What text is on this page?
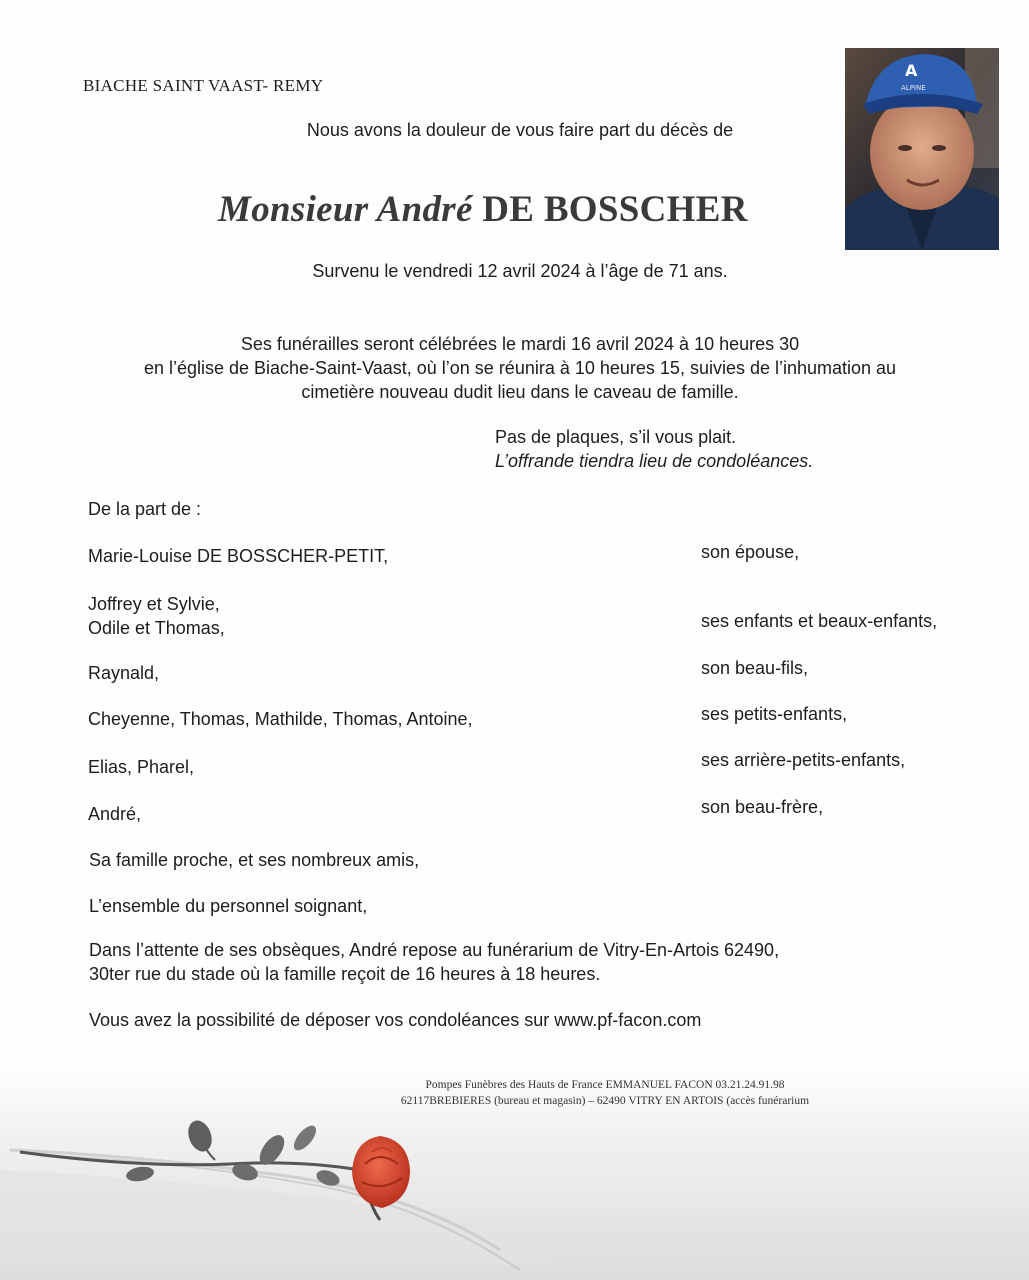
BIACHE SAINT VAAST- REMY

Nous avons la douleur de vous faire part du décès de

Monsieur André DE BOSSCHER

A
ALPINE

Survenu le vendredi 12 avril 2024 à l’âge de 71 ans.

Ses funérailles seront célébrées le mardi 16 avril 2024 à 10 heures 30
en l’église de Biache-Saint-Vaast, où l’on se réunira à 10 heures 15, suivies de l’inhumation au
cimetière nouveau dudit lieu dans le caveau de famille.
Pas de plaques, s’il vous plait.
L’offrande tiendra lieu de condoléances.

De la part de :

Marie-Louise DE BOSSCHER-PETIT,	son épouse,

Joffrey et Sylvie,
Odile et Thomas,	ses enfants et beaux-enfants,

Raynald,	son beau-fils,

Cheyenne, Thomas, Mathilde, Thomas, Antoine,	ses petits-enfants,

Elias, Pharel,	ses arrière-petits-enfants,

André,	son beau-frère,

Sa famille proche, et ses nombreux amis,

L’ensemble du personnel soignant,

Dans l’attente de ses obsèques, André repose au funérarium de Vitry-En-Artois 62490,
30ter rue du stade où la famille reçoit de 16 heures à 18 heures.

Vous avez la possibilité de déposer vos condoléances sur www.pf-facon.com

Pompes Funèbres des Hauts de France EMMANUEL FACON 03.21.24.91.98
62117BREBIERES (bureau et magasin) – 62490 VITRY EN ARTOIS (accès funérarium
